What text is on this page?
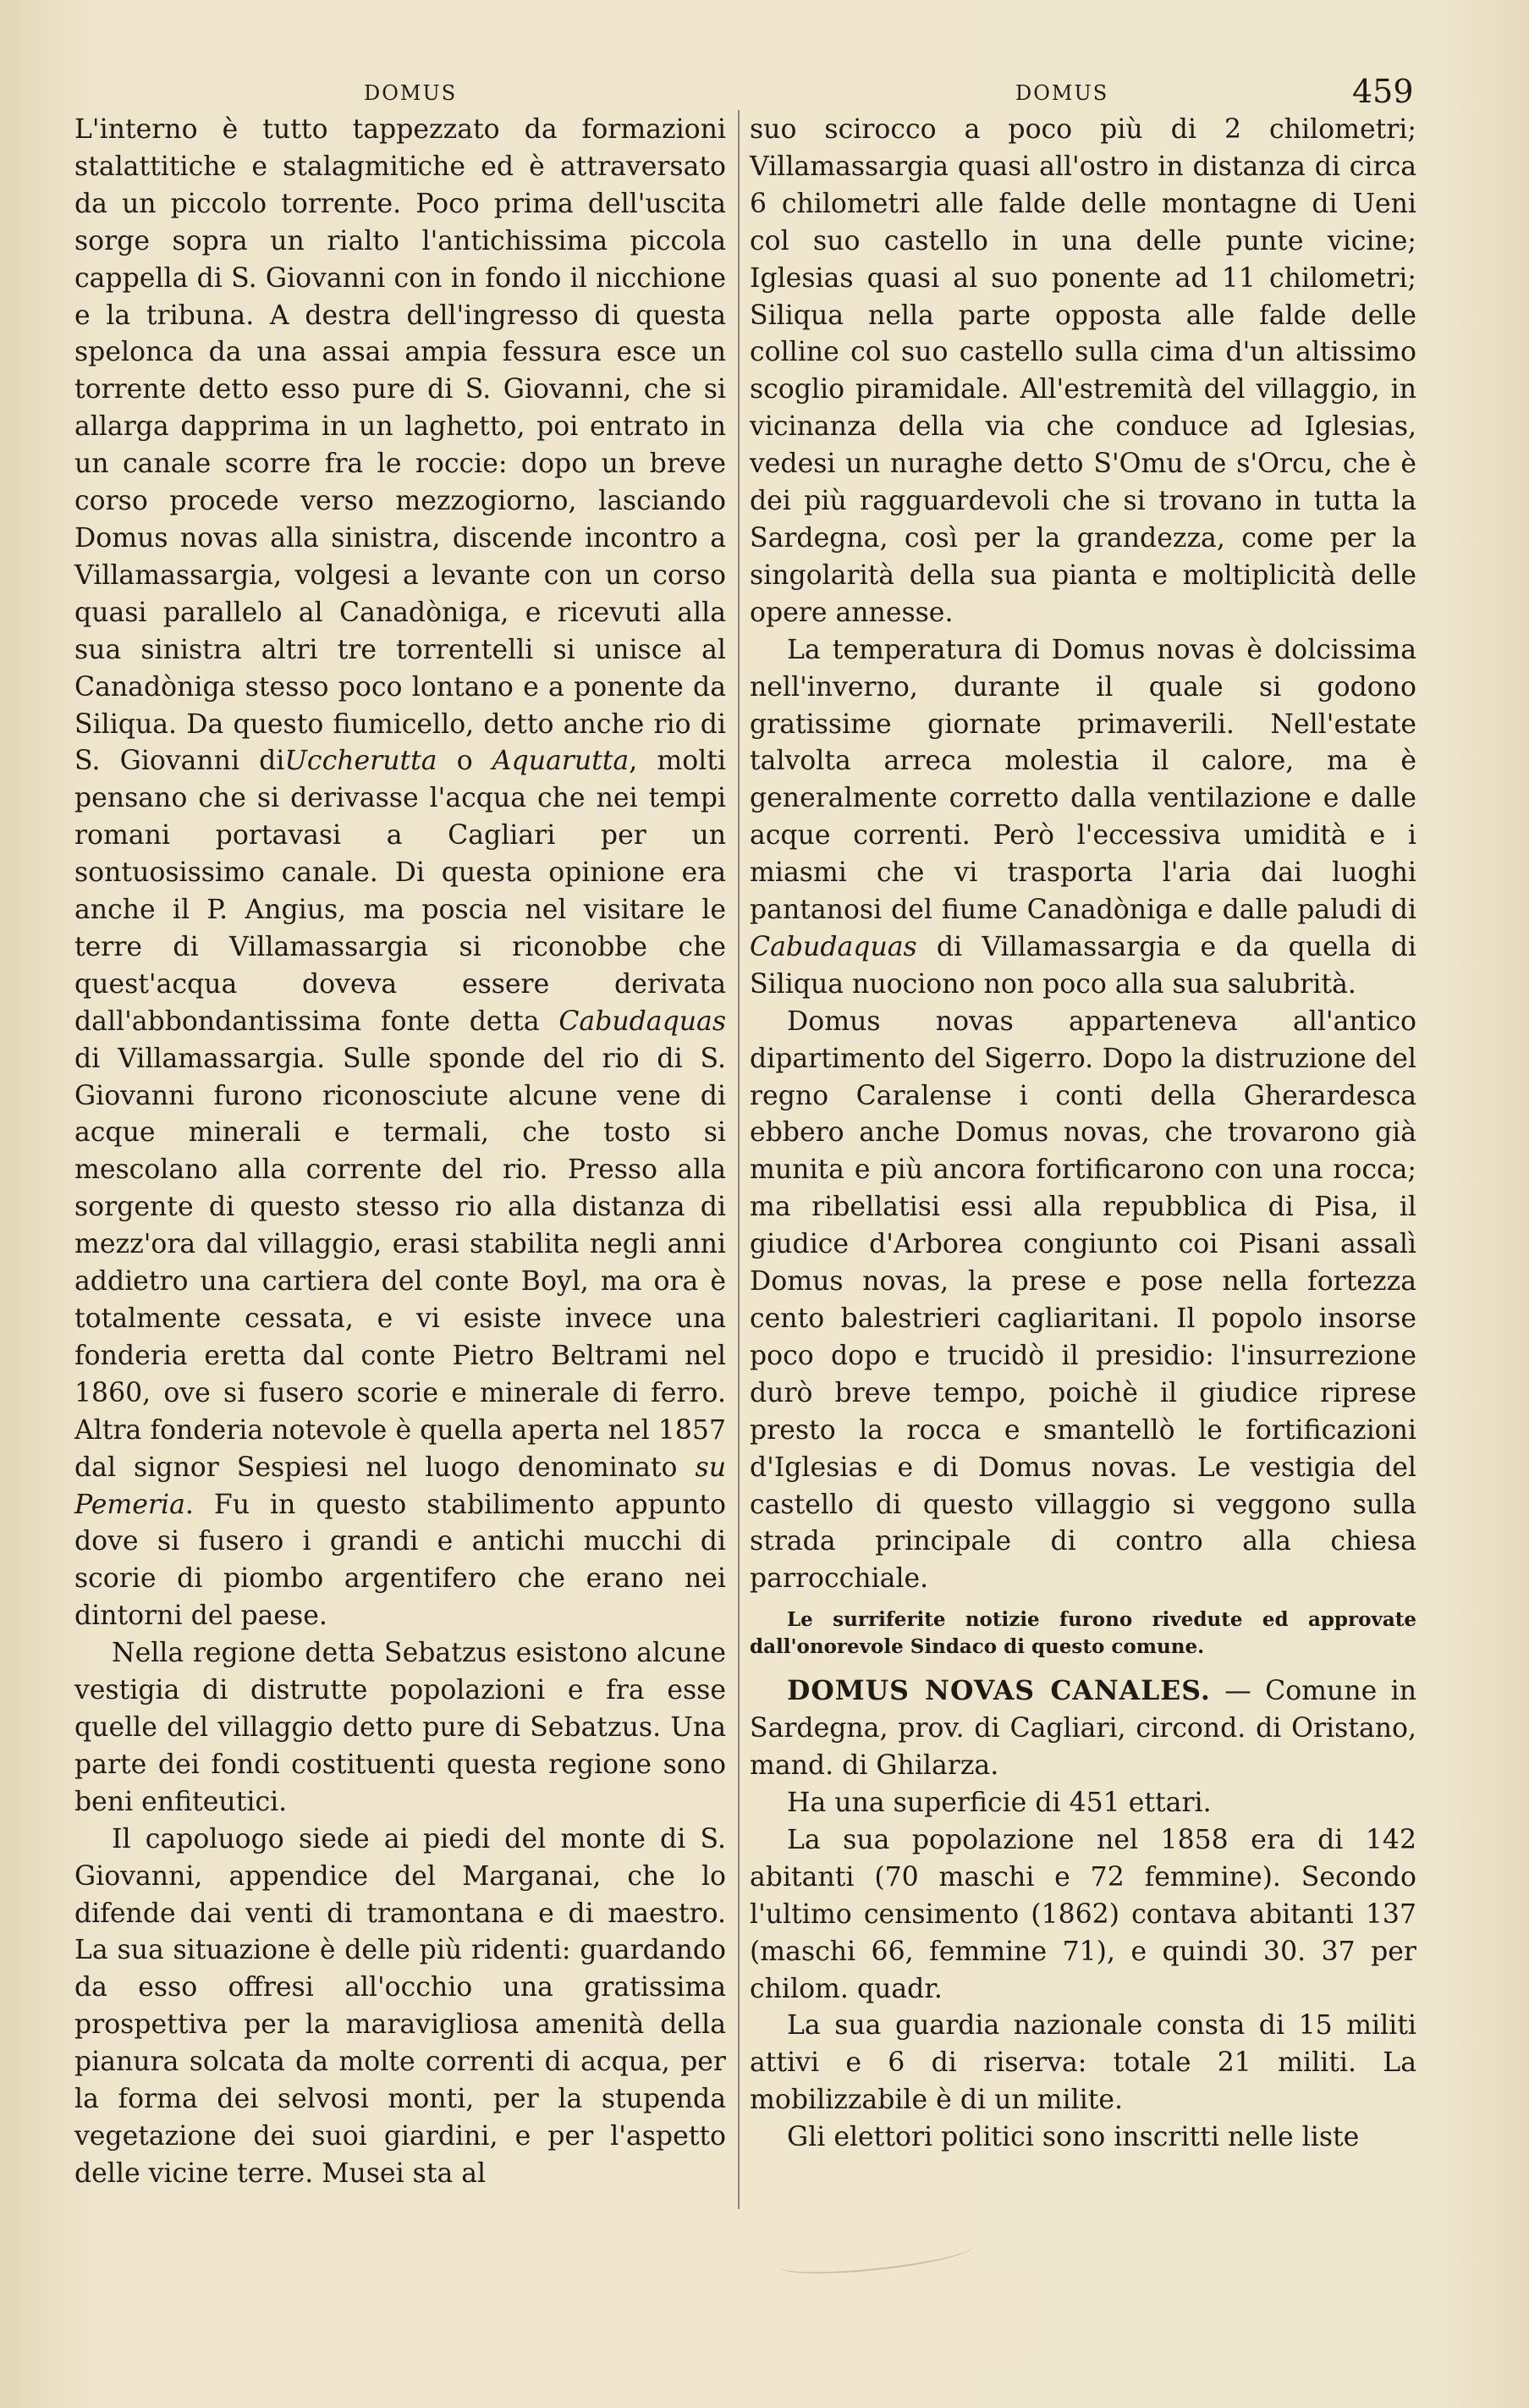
DOMUS	DOMUS	459

L'interno è tutto tappezzato da formazioni stalattitiche e stalagmitiche ed è attraversato da un piccolo torrente. Poco prima dell'uscita sorge sopra un rialto l'antichissima piccola cappella di S. Giovanni con in fondo il nicchione e la tribuna. A destra dell'ingresso di questa spelonca da una assai ampia fessura esce un torrente detto esso pure di S. Giovanni, che si allarga dapprima in un laghetto, poi entrato in un canale scorre fra le roccie: dopo un breve corso procede verso mezzogiorno, lasciando Domus novas alla sinistra, discende incontro a Villamassargia, volgesi a levante con un corso quasi parallelo al Canadòniga, e ricevuti alla sua sinistra altri tre torrentelli si unisce al Canadòniga stesso poco lontano e a ponente da Siliqua. Da questo fiumicello, detto anche rio di S. Giovanni diUccherutta o Aquarutta, molti pensano che si derivasse l'acqua che nei tempi romani portavasi a Cagliari per un sontuosissimo canale. Di questa opinione era anche il P. Angius, ma poscia nel visitare le terre di Villamassargia si riconobbe che quest'acqua doveva essere derivata dall'abbondantissima fonte detta Cabudaquas di Villamassargia. Sulle sponde del rio di S. Giovanni furono riconosciute alcune vene di acque minerali e termali, che tosto si mescolano alla corrente del rio. Presso alla sorgente di questo stesso rio alla distanza di mezz'ora dal villaggio, erasi stabilita negli anni addietro una cartiera del conte Boyl, ma ora è totalmente cessata, e vi esiste invece una fonderia eretta dal conte Pietro Beltrami nel 1860, ove si fusero scorie e minerale di ferro. Altra fonderia notevole è quella aperta nel 1857 dal signor Sespiesi nel luogo denominato su Pemeria. Fu in questo stabilimento appunto dove si fusero i grandi e antichi mucchi di scorie di piombo argentifero che erano nei dintorni del paese.

Nella regione detta Sebatzus esistono alcune vestigia di distrutte popolazioni e fra esse quelle del villaggio detto pure di Sebatzus. Una parte dei fondi costituenti questa regione sono beni enfiteutici.

Il capoluogo siede ai piedi del monte di S. Giovanni, appendice del Marganai, che lo difende dai venti di tramontana e di maestro. La sua situazione è delle più ridenti: guardando da esso offresi all'occhio una gratissima prospettiva per la maravigliosa amenità della pianura solcata da molte correnti di acqua, per la forma dei selvosi monti, per la stupenda vegetazione dei suoi giardini, e per l'aspetto delle vicine terre. Musei sta al

suo scirocco a poco più di 2 chilometri; Villamassargia quasi all'ostro in distanza di circa 6 chilometri alle falde delle montagne di Ueni col suo castello in una delle punte vicine; Iglesias quasi al suo ponente ad 11 chilometri; Siliqua nella parte opposta alle falde delle colline col suo castello sulla cima d'un altissimo scoglio piramidale. All'estremità del villaggio, in vicinanza della via che conduce ad Iglesias, vedesi un nuraghe detto S'Omu de s'Orcu, che è dei più ragguardevoli che si trovano in tutta la Sardegna, così per la grandezza, come per la singolarità della sua pianta e moltiplicità delle opere annesse.

La temperatura di Domus novas è dolcissima nell'inverno, durante il quale si godono gratissime giornate primaverili. Nell'estate talvolta arreca molestia il calore, ma è generalmente corretto dalla ventilazione e dalle acque correnti. Però l'eccessiva umidità e i miasmi che vi trasporta l'aria dai luoghi pantanosi del fiume Canadòniga e dalle paludi di Cabudaquas di Villamassargia e da quella di Siliqua nuociono non poco alla sua salubrità.

Domus novas apparteneva all'antico dipartimento del Sigerro. Dopo la distruzione del regno Caralense i conti della Gherardesca ebbero anche Domus novas, che trovarono già munita e più ancora fortificarono con una rocca; ma ribellatisi essi alla repubblica di Pisa, il giudice d'Arborea congiunto coi Pisani assalì Domus novas, la prese e pose nella fortezza cento balestrieri cagliaritani. Il popolo insorse poco dopo e trucidò il presidio: l'insurrezione durò breve tempo, poichè il giudice riprese presto la rocca e smantellò le fortificazioni d'Iglesias e di Domus novas. Le vestigia del castello di questo villaggio si veggono sulla strada principale di contro alla chiesa parrocchiale.

Le surriferite notizie furono rivedute ed approvate dall'onorevole Sindaco di questo comune.

DOMUS NOVAS CANALES. — Comune in Sardegna, prov. di Cagliari, circond. di Oristano, mand. di Ghilarza.

Ha una superficie di 451 ettari.

La sua popolazione nel 1858 era di 142 abitanti (70 maschi e 72 femmine). Secondo l'ultimo censimento (1862) contava abitanti 137 (maschi 66, femmine 71), e quindi 30. 37 per chilom. quadr.

La sua guardia nazionale consta di 15 militi attivi e 6 di riserva: totale 21 militi. La mobilizzabile è di un milite.

Gli elettori politici sono inscritti nelle liste
